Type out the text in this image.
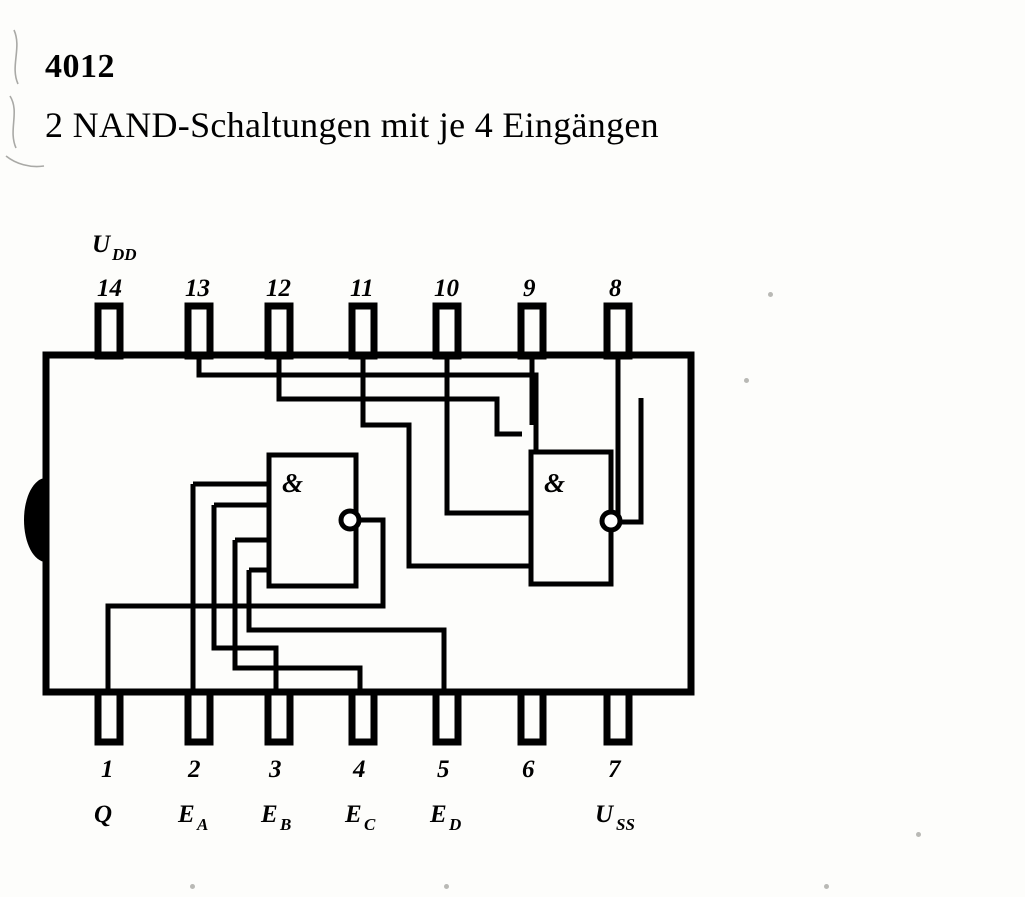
4012
2 NAND-Schaltungen mit je 4 Eingängen
&	&
14	13 12 11 10	9	8
U DD
1	2	3	4	5	6	7
Q	E A E B E C E D	U SS
